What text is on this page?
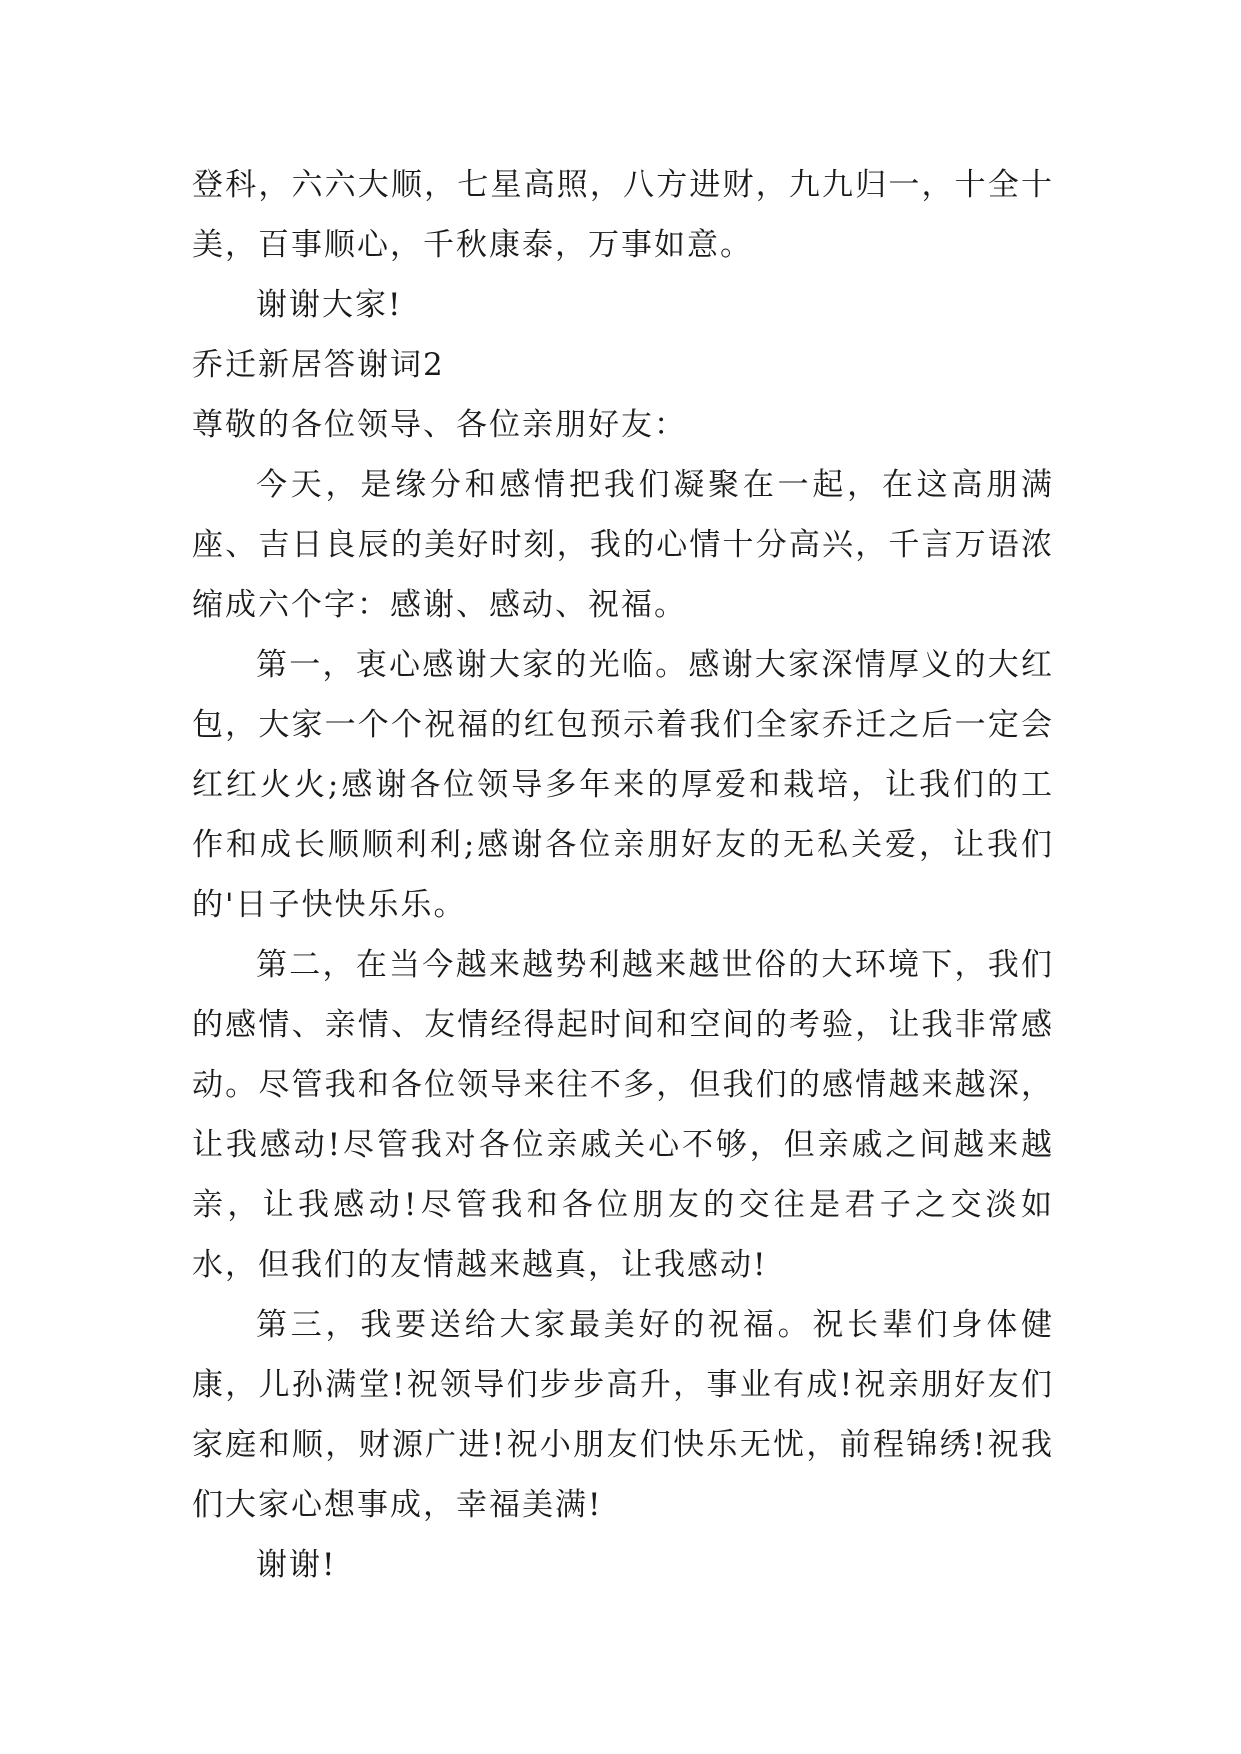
登科，六六大顺，七星高照，八方进财，九九归一，十全十美，百事顺心，千秋康泰，万事如意。

谢谢大家!

乔迁新居答谢词2

尊敬的各位领导、各位亲朋好友：

今天，是缘分和感情把我们凝聚在一起，在这高朋满座、吉日良辰的美好时刻，我的心情十分高兴，千言万语浓缩成六个字：感谢、感动、祝福。

第一，衷心感谢大家的光临。感谢大家深情厚义的大红包，大家一个个祝福的红包预示着我们全家乔迁之后一定会红红火火;感谢各位领导多年来的厚爱和栽培，让我们的工作和成长顺顺利利;感谢各位亲朋好友的无私关爱，让我们的'日子快快乐乐。

第二，在当今越来越势利越来越世俗的大环境下，我们的感情、亲情、友情经得起时间和空间的考验，让我非常感动。尽管我和各位领导来往不多，但我们的感情越来越深，让我感动!尽管我对各位亲戚关心不够，但亲戚之间越来越亲，让我感动!尽管我和各位朋友的交往是君子之交淡如水，但我们的友情越来越真，让我感动!

第三，我要送给大家最美好的祝福。祝长辈们身体健康，儿孙满堂!祝领导们步步高升，事业有成!祝亲朋好友们家庭和顺，财源广进!祝小朋友们快乐无忧，前程锦绣!祝我们大家心想事成，幸福美满!

谢谢!
